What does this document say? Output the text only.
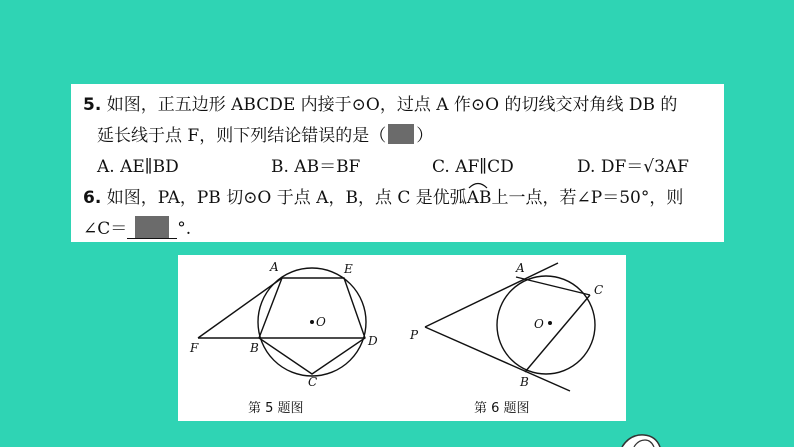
5. 如图，正五边形 ABCDE 内接于⊙O，过点 A 作⊙O 的切线交对角线 DB 的
延长线于点 F，则下列结论错误的是（ ）
A. AE∥BD	B. AB＝BF	C. AF∥CD	D. DF＝√3AF
6. 如图，PA，PB 切⊙O 于点 A，B，点 C 是优弧
AB上一点，若∠P＝50°，则
∠C＝	°.
A	E
B	D
C
F
O
A
C
P
O
B
第 5 题图	第 6 题图
